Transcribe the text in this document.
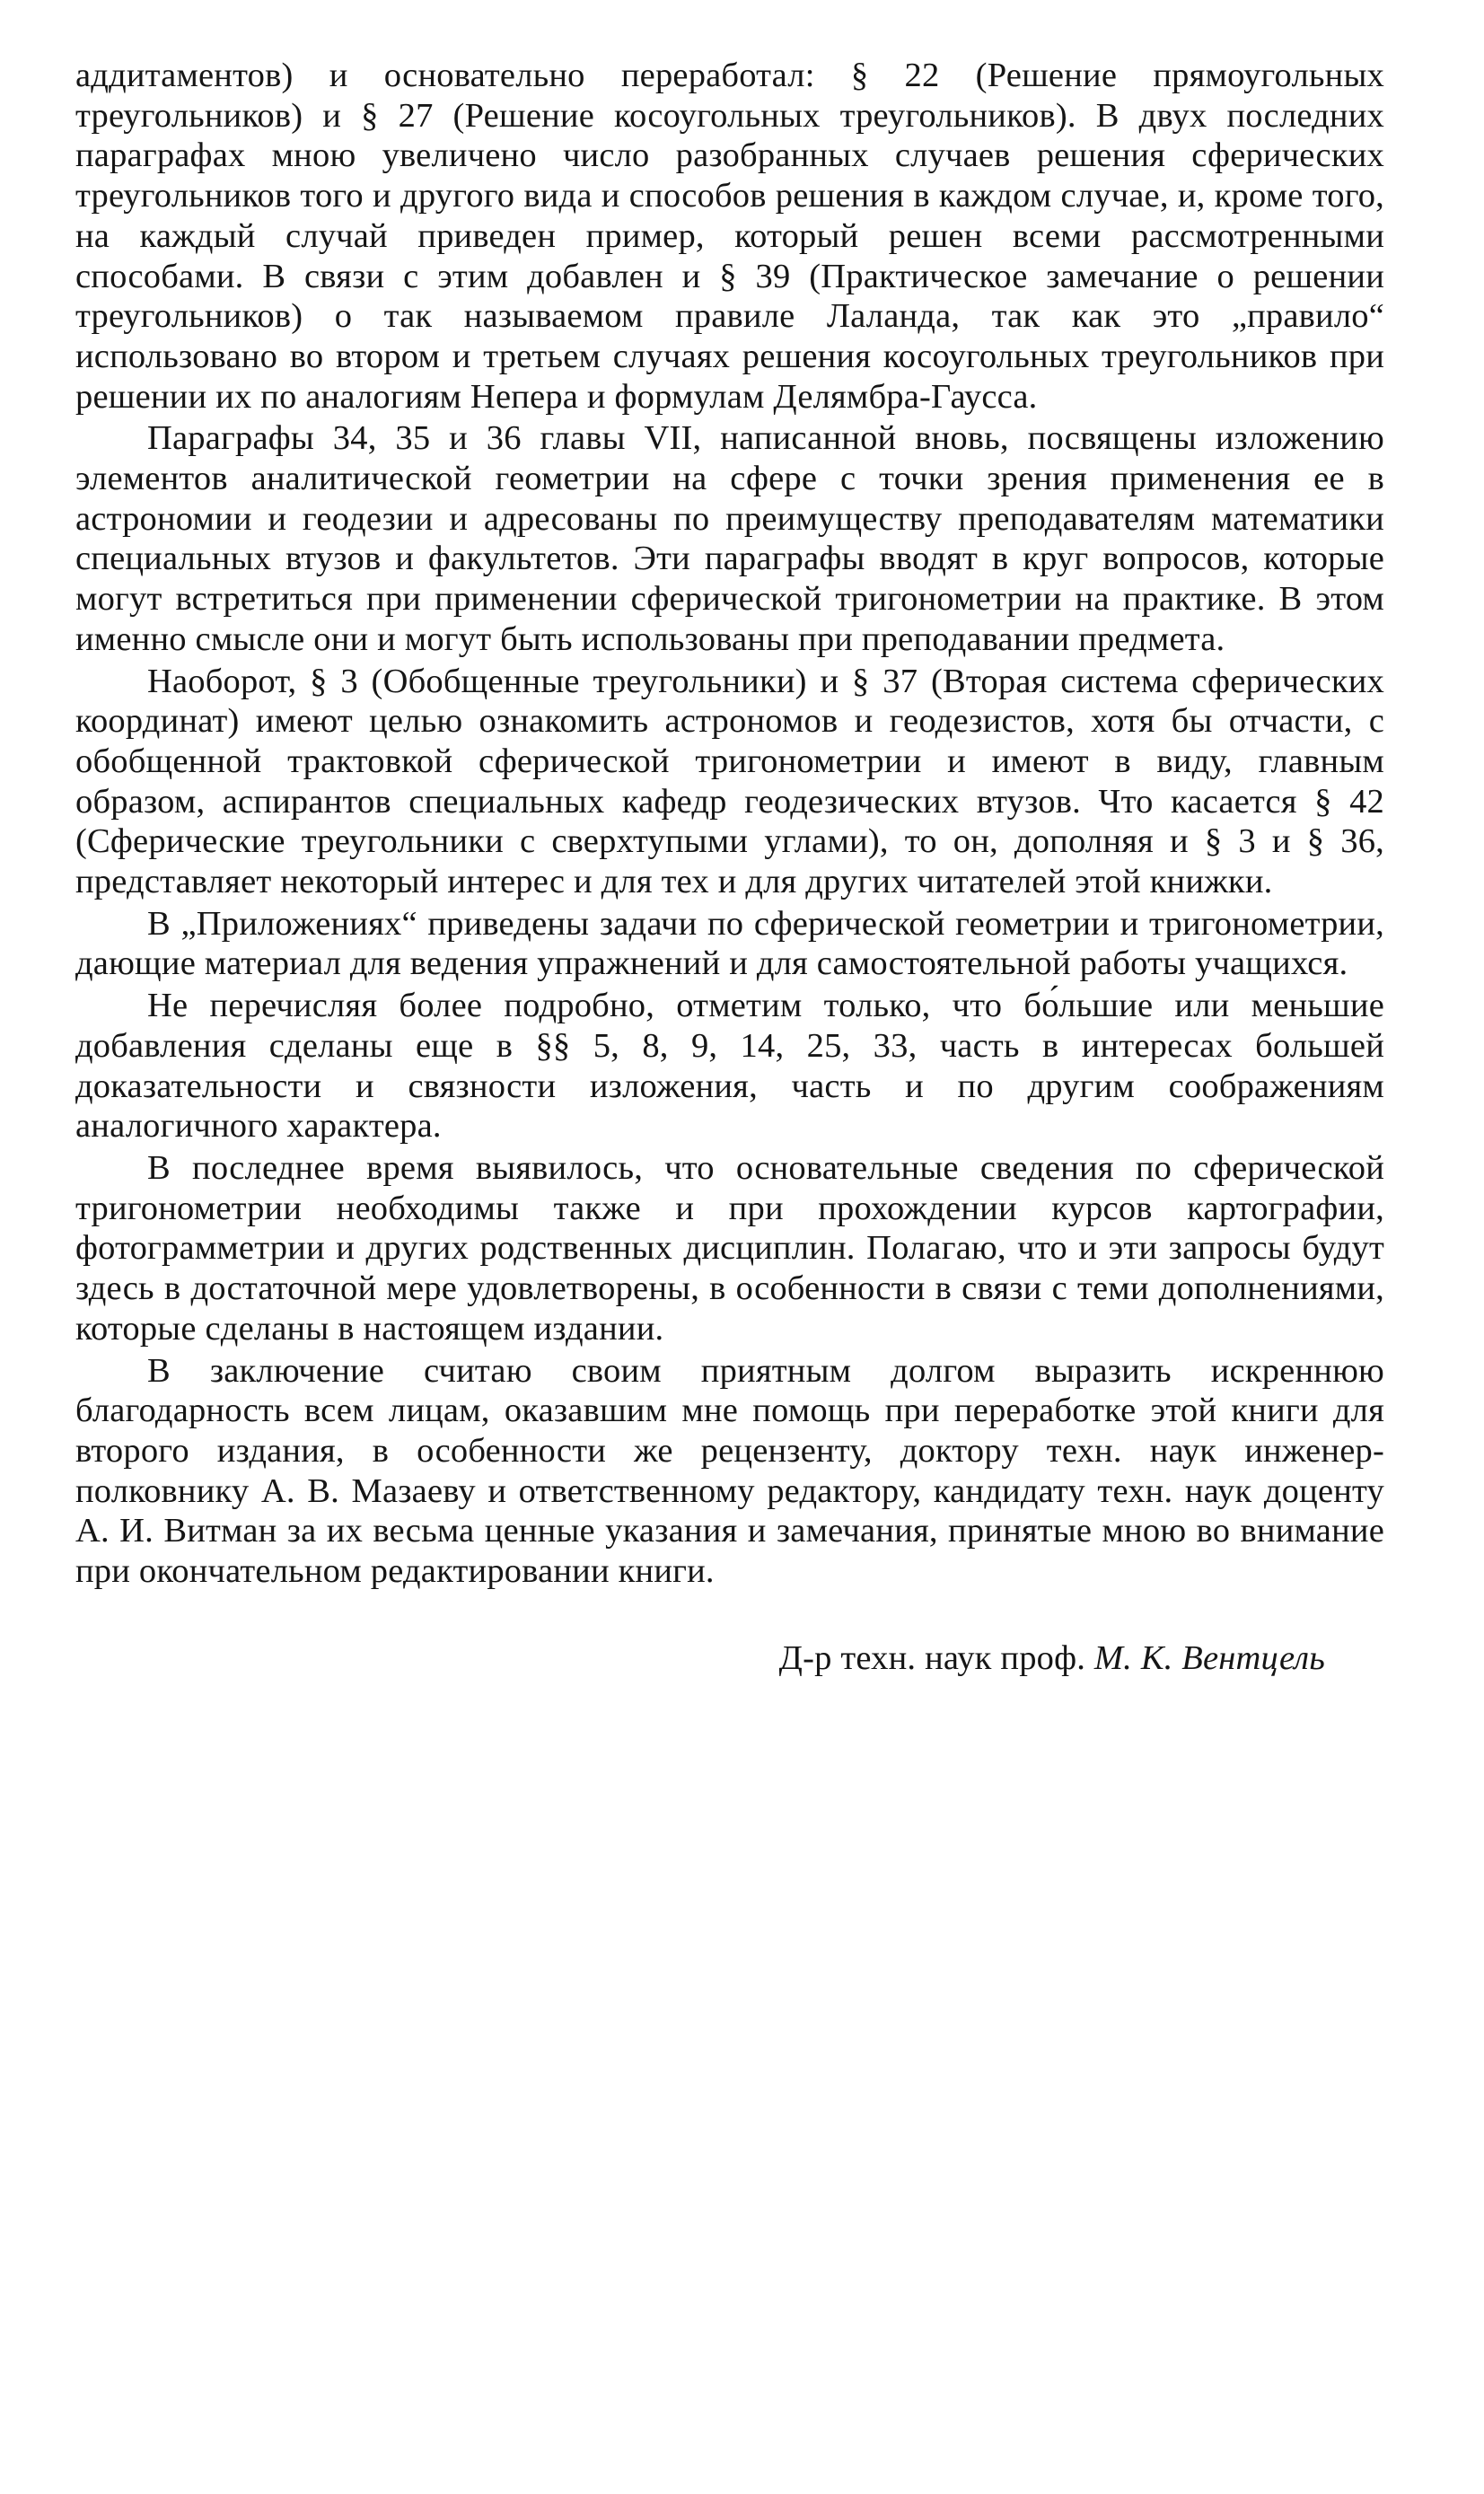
аддитаментов) и основательно переработал: § 22 (Решение прямоугольных треугольников) и § 27 (Решение косоугольных треугольников). В двух последних параграфах мною увеличено число разобранных случаев решения сферических треугольников того и другого вида и способов решения в каждом случае, и, кроме того, на каждый случай приведен пример, который решен всеми рассмотренными способами. В связи с этим добавлен и § 39 (Практическое замечание о решении треугольников) о так называемом правиле Лаланда, так как это „правило“ использовано во втором и третьем случаях решения косоугольных треугольников при решении их по аналогиям Непера и формулам Делямбра-Гаусса.

Параграфы 34, 35 и 36 главы VII, написанной вновь, посвящены изложению элементов аналитической геометрии на сфере с точки зрения применения ее в астрономии и геодезии и адресованы по преимуществу преподавателям математики специальных втузов и факультетов. Эти параграфы вводят в круг вопросов, которые могут встретиться при применении сферической тригонометрии на практике. В этом именно смысле они и могут быть использованы при преподавании предмета.

Наоборот, § 3 (Обобщенные треугольники) и § 37 (Вторая система сферических координат) имеют целью ознакомить астрономов и геодезистов, хотя бы отчасти, с обобщенной трактовкой сферической тригонометрии и имеют в виду, главным образом, аспирантов специальных кафедр геодезических втузов. Что касается § 42 (Сферические треугольники с сверхтупыми углами), то он, дополняя и § 3 и § 36, представляет некоторый интерес и для тех и для других читателей этой книжки.

В „Приложениях“ приведены задачи по сферической геометрии и тригонометрии, дающие материал для ведения упражнений и для самостоятельной работы учащихся.

Не перечисляя более подробно, отметим только, что бо́льшие или меньшие добавления сделаны еще в §§ 5, 8, 9, 14, 25, 33, часть в интересах большей доказательности и связности изложения, часть и по другим соображениям аналогичного характера.

В последнее время выявилось, что основательные сведения по сферической тригонометрии необходимы также и при прохождении курсов картографии, фотограмметрии и других родственных дисциплин. Полагаю, что и эти запросы будут здесь в достаточной мере удовлетворены, в особенности в связи с теми дополнениями, которые сделаны в настоящем издании.

В заключение считаю своим приятным долгом выразить искреннюю благодарность всем лицам, оказавшим мне помощь при переработке этой книги для второго издания, в особенности же рецензенту, доктору техн. наук инженер-полковнику А. В. Мазаеву и ответственному редактору, кандидату техн. наук доценту А. И. Витман за их весьма ценные указания и замечания, принятые мною во внимание при окончательном редактировании книги.

Д-р техн. наук проф. М. К. Вентцель
